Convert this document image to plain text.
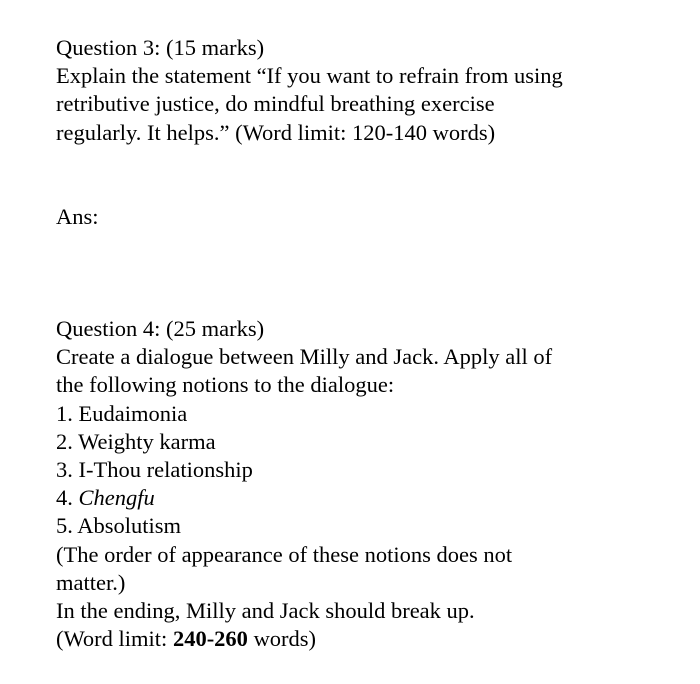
Question 3: (15 marks)
Explain the statement “If you want to refrain from using
retributive justice, do mindful breathing exercise
regularly. It helps.” (Word limit: 120-140 words)
Ans:
Question 4: (25 marks)
Create a dialogue between Milly and Jack. Apply all of
the following notions to the dialogue:
1. Eudaimonia
2. Weighty karma
3. I-Thou relationship
4. Chengfu
5. Absolutism
(The order of appearance of these notions does not
matter.)
In the ending, Milly and Jack should break up.
(Word limit: 240-260 words)
